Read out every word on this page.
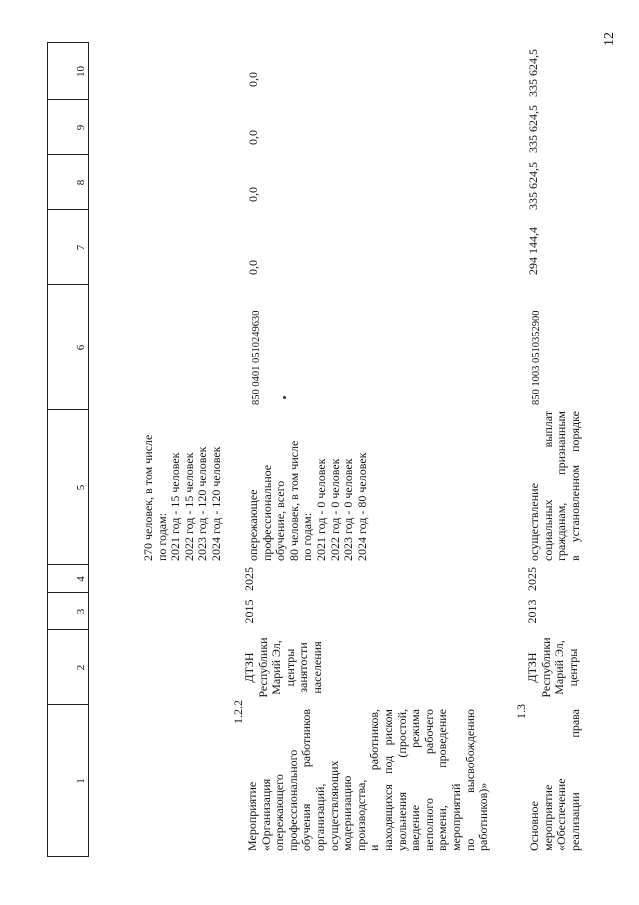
12
1
2
3
4
5
6
7
8
9
10
270 человек, в том числе
по годам:
2021 год - 15 человек
2022 год - 15 человек
2023 год - 120 человек
2024 год - 120 человек
Мероприятие
«Организация
опережающего
профессионального
обучения работников
организаций,
осуществляющих
модернизацию
производства,
и работников,
находящихся под риском
увольнения (простой,
введение режима
неполного рабочего
времени, проведение
мероприятий
по высвобождению
работников)»
1.2.2
ДТЗН
Республики
Марий Эл,
центры
занятости
населения
2015
2025
опережающее
профессиональное
обучение, всего
80 человек, в том числе
по годам:
2021 год - 0 человек
2022 год - 0 человек
2023 год - 0 человек
2024 год - 80 человек
850 0401 0510249630
0,0
0,0
0,0
0,0
Основное
мероприятие
«Обеспечение
реализации права
1.3
ДТЗН
Республики
Марий Эл,
центры
2013
2025
осуществление
социальных выплат
гражданам, признанным
в установленном порядке
850 1003 0510352900
294 144,4
335 624,5
335 624,5
335 624,5
